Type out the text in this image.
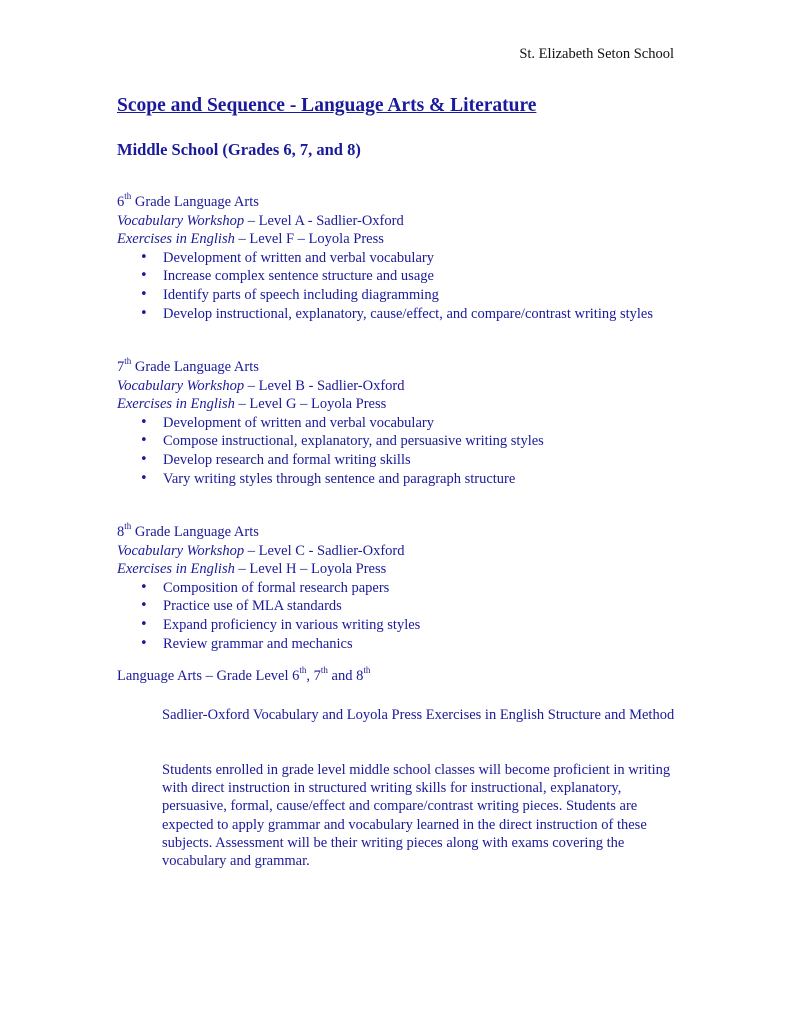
St. Elizabeth Seton School
Scope and Sequence - Language Arts & Literature
Middle School (Grades 6, 7, and 8)
6th Grade Language Arts
Vocabulary Workshop – Level A - Sadlier-Oxford
Exercises in English – Level F – Loyola Press
• Development of written and verbal vocabulary
• Increase complex sentence structure and usage
• Identify parts of speech including diagramming
• Develop instructional, explanatory, cause/effect, and compare/contrast writing styles
7th Grade Language Arts
Vocabulary Workshop – Level B - Sadlier-Oxford
Exercises in English – Level G – Loyola Press
• Development of written and verbal vocabulary
• Compose instructional, explanatory, and persuasive writing styles
• Develop research and formal writing skills
• Vary writing styles through sentence and paragraph structure
8th Grade Language Arts
Vocabulary Workshop – Level C - Sadlier-Oxford
Exercises in English – Level H – Loyola Press
• Composition of formal research papers
• Practice use of MLA standards
• Expand proficiency in various writing styles
• Review grammar and mechanics
Language Arts – Grade Level 6th, 7th and 8th

Sadlier-Oxford Vocabulary and Loyola Press Exercises in English Structure and Method

Students enrolled in grade level middle school classes will become proficient in writing with direct instruction in structured writing skills for instructional, explanatory, persuasive, formal, cause/effect and compare/contrast writing pieces. Students are expected to apply grammar and vocabulary learned in the direct instruction of these subjects. Assessment will be their writing pieces along with exams covering the vocabulary and grammar.
